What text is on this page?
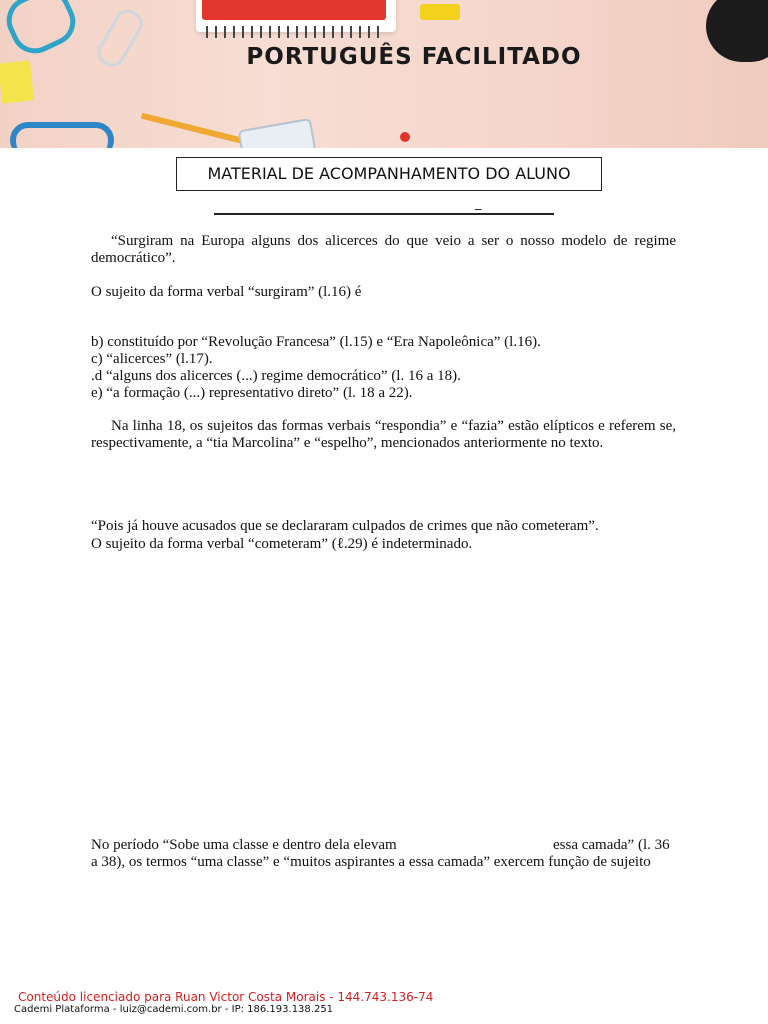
PORTUGUÊS FACILITADO
MATERIAL DE ACOMPANHAMENTO DO ALUNO
_

“Surgiram na Europa alguns dos alicerces do que veio a ser o nosso modelo de regime democrático”.

O sujeito da forma verbal “surgiram” (l.16) é

b) constituído por “Revolução Francesa” (l.15) e “Era Napoleônica” (l.16).

c) “alicerces” (l.17).

.d “alguns dos alicerces (...) regime democrático” (l. 16 a 18).

e) “a formação (...) representativo direto” (l. 18 a 22).

Na linha 18, os sujeitos das formas verbais “respondia” e “fazia” estão elípticos e referem se, respectivamente, a “tia Marcolina” e “espelho”, mencionados anteriormente no texto.

“Pois já houve acusados que se declararam culpados de crimes que não cometeram”.

O sujeito da forma verbal “cometeram” (ℓ.29) é indeterminado.

No período “Sobe uma classe e dentro dela elevam	essa camada” (l. 36

a 38), os termos “uma classe” e “muitos aspirantes a essa camada” exercem função de sujeito

Conteúdo licenciado para Ruan Victor Costa Morais - 144.743.136-74
Cademi Plataforma - luiz@cademi.com.br - IP: 186.193.138.251
